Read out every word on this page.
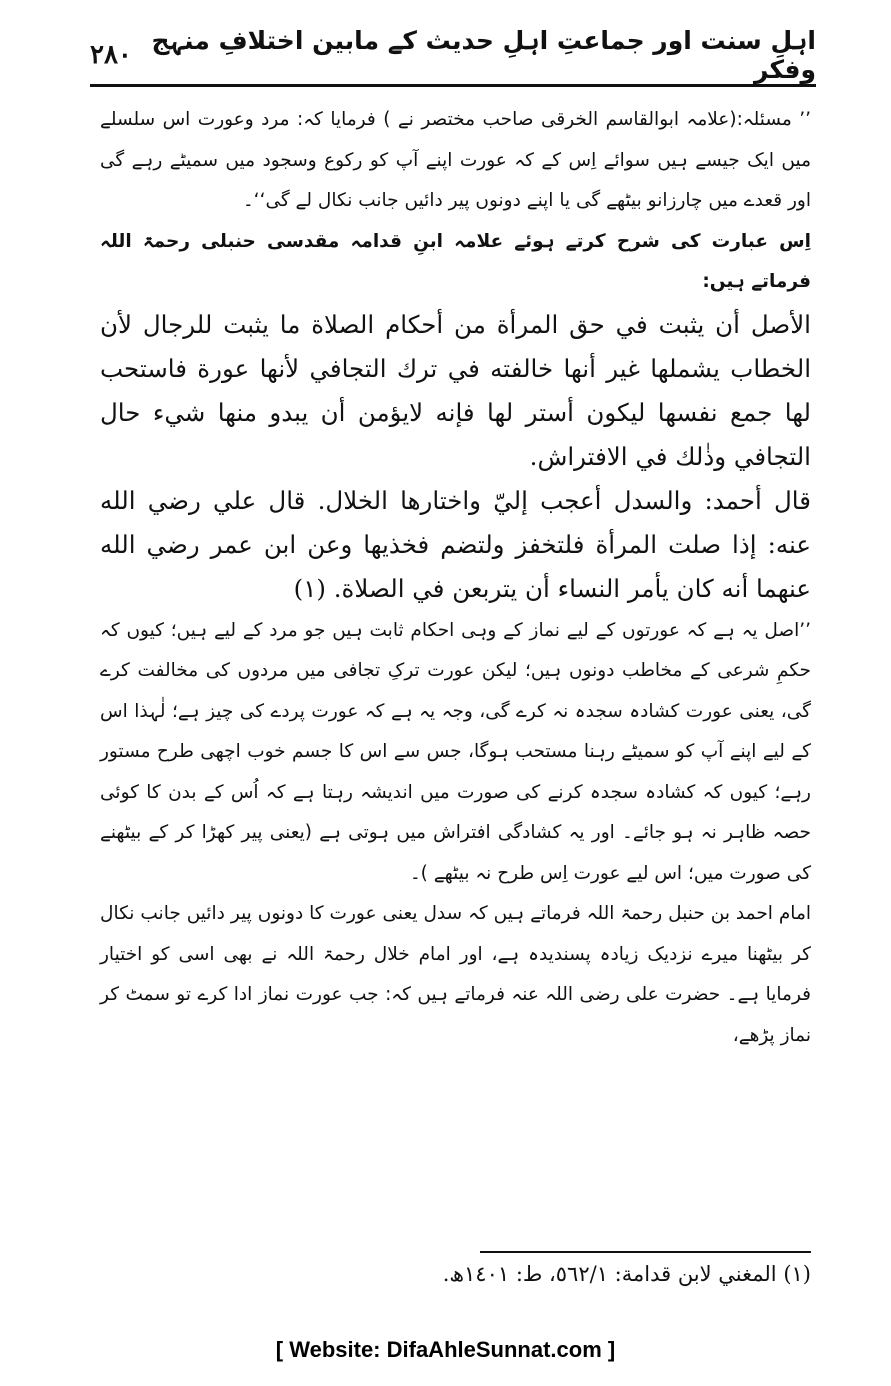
۲۸۰ اہلِ سنت اور جماعتِ اہلِ حدیث کے مابین اختلافِ منہج وفکر

’’ مسئلہ:(علامہ ابوالقاسم الخرقی صاحب مختصر نے ) فرمایا کہ: مرد وعورت اس سلسلے میں ایک جیسے ہیں سوائے اِس کے کہ عورت اپنے آپ کو رکوع وسجود میں سمیٹے رہے گی اور قعدے میں چارزانو بیٹھے گی یا اپنے دونوں پیر دائیں جانب نکال لے گی‘‘۔

اِس عبارت کی شرح کرتے ہوئے علامہ ابنِ قدامہ مقدسی حنبلی رحمۃ اللہ فرماتے ہیں:

الأصل أن يثبت في حق المرأة من أحكام الصلاة ما يثبت للرجال لأن الخطاب يشملها غير أنها خالفته في ترك التجافي لأنها عورة فاستحب لها جمع نفسها ليكون أستر لها فإنه لايؤمن أن يبدو منها شيء حال التجافي وذٰلك في الافتراش.

قال أحمد: والسدل أعجب إليّ واختارها الخلال. قال علي رضي الله عنه: إذا صلت المرأة فلتخفز ولتضم فخذيها وعن ابن عمر رضي الله عنهما أنه كان يأمر النساء أن يتربعن في الصلاة. (١)

’’اصل یہ ہے کہ عورتوں کے لیے نماز کے وہی احکام ثابت ہیں جو مرد کے لیے ہیں؛ کیوں کہ حکمِ شرعی کے مخاطب دونوں ہیں؛ لیکن عورت ترکِ تجافی میں مردوں کی مخالفت کرے گی، یعنی عورت کشادہ سجدہ نہ کرے گی، وجہ یہ ہے کہ عورت پردے کی چیز ہے؛ لٰہذا اس کے لیے اپنے آپ کو سمیٹے رہنا مستحب ہوگا، جس سے اس کا جسم خوب اچھی طرح مستور رہے؛ کیوں کہ کشادہ سجدہ کرنے کی صورت میں اندیشہ رہتا ہے کہ اُس کے بدن کا کوئی حصہ ظاہر نہ ہو جائے۔ اور یہ کشادگی افتراش میں ہوتی ہے (یعنی پیر کھڑا کر کے بیٹھنے کی صورت میں؛ اس لیے عورت اِس طرح نہ بیٹھے )۔

امام احمد بن حنبل رحمۃ اللہ فرماتے ہیں کہ سدل یعنی عورت کا دونوں پیر دائیں جانب نکال کر بیٹھنا میرے نزدیک زیادہ پسندیدہ ہے، اور امام خلال رحمۃ اللہ نے بھی اسی کو اختیار فرمایا ہے۔ حضرت علی رضی اللہ عنہ فرماتے ہیں کہ: جب عورت نماز ادا کرے تو سمٹ کر نماز پڑھے،

(١) المغني لابن قدامة: ٥٦٢/١، ط: ١٤٠١ھ.
[ Website: DifaAhleSunnat.com ]
